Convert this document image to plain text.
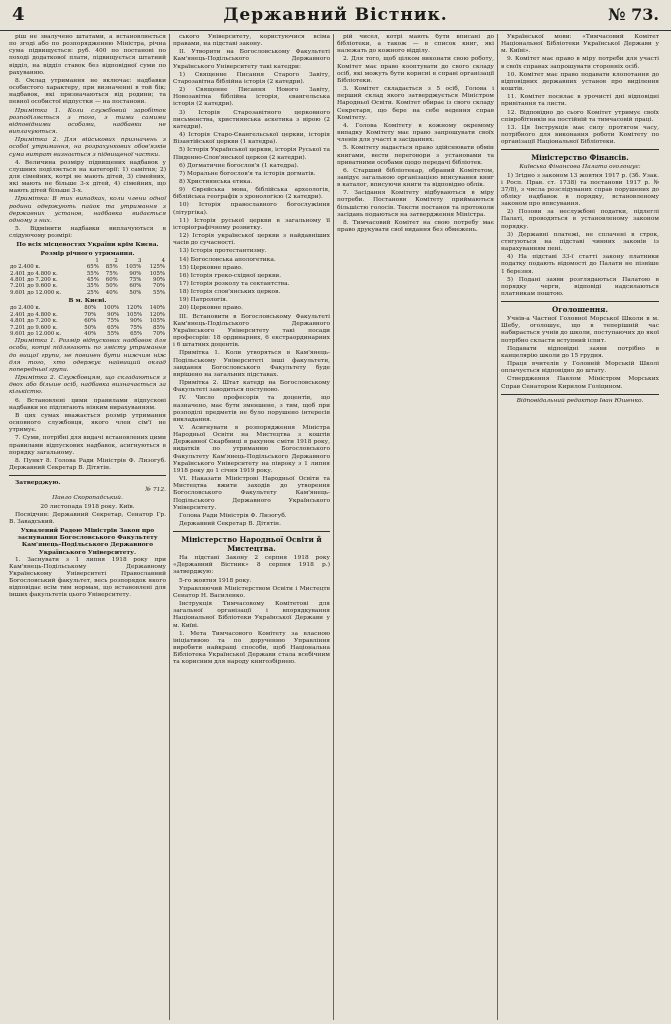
4	Державний Вістник.	№ 73.

ріш не звалучено штатами, а встановлюється по згоді або по розпорядженню Міністра, річна сума підвищується: руб. 400 по постанові по поході додаткової плати, підвищується штатний відділ, на відділ ставок без відповідної суми по рахуванню.

8. Оклад утримання не включає: надбавки особистого характеру, при визначенні в той бік; надбавок, які призначаються від родини; та певної особистої відпустки — на постанови.

Примітка 1. Коли службовий заробіток розподіляється з того, з тими самими відповідними особами, надбавки не виплачуються.

Примітка 2. Для військових призначень з особої утримання, на розрахункових обов'язків сума витрат визнається з підвищеної частки.

4. Величина розміру підвищених надбавок у слушних поділяється на категорії: 1) самітня; 2) для сімейних, котрі не мають дітей, 3) сімейних, які мають не більше 3-х дітей, 4) сімейних, що мають дітей більше 3-х.

Примітка: В тих випадках, коли члени одної родини одержують пайок та утримання з державних установ, надбавка видається одному з них.

5. Відмінити надбавки виплачуються в слідуючому розмірі:

По всіх місцевостях України крім Києва.

Розмір річного утримання.

	1	2	3	4
до 2.400 к.	65%	85%	105%	125%
2.401 до 4.800 к.	55%	75%	90%	105%
4.801 до 7.200 к.	45%	60%	75%	90%
7.201 до 9.600 к.	35%	50%	60%	70%
9.601 до 12.000 к.	25%	40%	50%	55%

В м. Києві.

до 2.400 к.	80%	100%	120%	140%
2.401 до 4.800 к.	70%	90%	105%	120%
4.801 до 7.200 к.	60%	75%	90%	105%
7.201 до 9.600 к.	50%	65%	75%	85%
9.601 до 12.000 к.	40%	55%	65%	70%

Примітка 1. Розмір відпускових надбавок для особи, котрі підлягають по змісту утримання до вищої групи, не повинен бути нижчим ніж для того, хто одержує найвищий оклад попередньої групи.

Примітка 2. Службовцям, що складаються з двох або більше осіб, надбавка визначається за кількістю.

6. Встановлені цими правилами відпускові надбавки не підлягають ніяким вирахуванням.

В цих сумах вважається розмір утримання основного службовця, якого член сім'ї не утримує.

7. Суми, потрібні для видачі встановлених цими правилами відпускових надбавок, асигнуються в порядку загальному.

8. Пункт 8. Голова Ради Міністрів Ф. Лизогуб. Державний Секретар В. Дітятін.

Затверджую.

№ 712.

Павло Скоропадський.

20 листопада 1918 року. Київ.

Посвідчив: Державний Секретар, Сенатор Гр. В. Завадський.

Ухвалений Радою Міністрів Закон про заснування Богословського Факультету Кам'янець-Подільського Державного Українського Університету.

1. Заснувати з 1 липня 1918 року при Кам'янець-Подільському Державному Українському Університеті Православний Богословський факультет, весь розпорядок якого відповідає всім тим нормам, що встановлені для інших факультетів цього Університету.

ського Університету, користуючися всіма правами, на підставі закону.

II. Утворити на Богословському Факультеті Кам'янець-Подільського Державного Українського Університету такі катедри:

1) Священне Писання Старого Завіту, Старозавітна біблійна історія (2 катедри).

2) Священне Писання Нового Завіту, Новозавітна біблійна історія, євангельська історія (2 катедри).

3) Історія Старозавітного церковного письменства, християнська аскетика з вірою (2 катедри).

4) Історія Старо-Євангельської церкви, історія Візантійської церкви (1 катедра).

5) Історія Української церкви, історія Руської та Південно-Слов'янської церков (2 катедри).

6) Догматичне богослов'я (1 катедра).

7) Моральне богослов'я та історія догматів.

8) Християнська етика.

9) Єврейська мова, біблійська археологія, біблійська географія з хронологією (2 катедри).

10) Історія православного богослужіння (літургіка).

11) Історія руської церкви в загальному її історіографічному розвитку.

12) Історія української церкви з найдавніших часів до сучасності.

13) Історія протестантизму.

14) Богословська апологетика.

15) Церковне право.

16) Історія греко-східної церкви.

17) Історія розколу та сектантства.

18) Історія слов'янських церков.

19) Патрологія.

20) Церковне право.

III. Встановити в Богословському Факультеті Кам'янець-Подільського Державного Українського Університету такі посади професорів: 18 ординарних, 6 екстраординарних і 6 штатних доцентів.

Примітка 1. Коли утворяться в Кам'янець-Подільському Університеті інші факультети, завдання Богословського Факультету буде вирішено на загальних підставах.

Примітка 2. Штат катедр на Богословському Факультеті заводиться поступово.

IV. Число професорів та доцентів, що назначено, має бути зменшене, з тим, щоб при розподілі предметів не було порушено інтересів викладання.

V. Асигнувати в розпорядження Міністра Народньої Освіти на Мистецтва з коштів Державної Скарбниці в рахунок сміти 1918 року, видатків по утриманню Богословського Факультету Кам'янець-Подільського Державного Українського Університету на півроку з 1 липня 1918 року до 1 січня 1919 року.

VI. Наказати Міністрові Народньої Освіти та Мистецтва вжити заходів до утворення Богословського Факультету Кам'янець-Подільського Державного Українського Університету.

Голова Ради Міністрів Ф. Лизогуб.

Державний Секретар В. Дітятін.

Міністерство Народньої Освіти й Мистецтва.

На підставі Закону 2 серпня 1918 року «Державний Вістник» 8 серпня 1918 р.) затверджую:

5-го жовтня 1918 року.

Управляючий Міністерством Освіти і Мистецтв Сенатор Н. Василенко.

Інструкція Тимчасовому Комітетові для загальної організації і впорядкування Національної Бібліотеки Української Держави у м. Київі.

1. Мета Тимчасового Комітету за власною ініціативою та по дорученню Управління виробити найкращі способи, щоб Національна Бібліотека Української Держави стала всебічним та корисним для народу книгозбірнею.

рій чисел, котрі мають бути вписані до бібліотеки, а також — в список книг, які належать до кожного відділу.

2. Для того, щоб цілком виконати свою роботу, Комітет має право кооптувати до свого складу осіб, які можуть бути корисні в справі організації Бібліотеки.

3. Комітет складається з 5 осіб, Голова і перший склад якого затверджується Міністром Народньої Освіти. Комітет обирає із свого складу Секретаря, що бере на себе ведення справ Комітету.

4. Голова Комітету в кожному окремому випадку Комітету має право запрошувати своїх членів для участі в засіданнях.

5. Комітету надається право здійснювати обмін книгами, вести переговори з установами та приватними особами щодо передачі бібліотек.

6. Старший бібліотекар, обраний Комітетом, завідує загальною організацією вписування книг в каталог, вписуючи книги та відповідно облік.

7. Засідання Комітету відбуваються в міру потреби. Постанови Комітету приймаються більшістю голосів. Тексти постанов та протоколи засідань подаються на затвердження Міністра.

8. Тимчасовий Комітет на свою потребу має право друкувати свої видання без обмежень.

Української мови: «Тимчасовий Комітет Національної Бібліотеки Української Держави у м. Київі».

9. Комітет має право в міру потреби для участі в своїх справах запрошувати сторонніх осіб.

10. Комітет має право подавати клопотання до відповідних державних установ про виділення коштів.

11. Комітет посилає в урочисті дні відповідні привітання та листи.

12. Відповідно до сього Комітет утримує своїх співробітників на постійній та тимчасовій праці.

13. Ця Інструкція має силу протягом часу, потрібного для виконання роботи Комітету по організації Національної Бібліотеки.

Міністерство Фінансів.

Київська Фінансова Палата оголошує:

1) Згідно з законом 13 жовтня 1917 р. (Зб. Узак. і Росп. Прав. ст. 1738) та постанови 1917 р. № 37/8), з числа розслідуваних справ порушених до обліку надбавок в порядку, встановленому законом про вписування.

2) Позови за неслужбові податки, підлеглі Палаті, проводяться в установленому законом порядку.

3) Державні платежі, не сплачені в строк, стягуються на підставі чинних законів із нарахуванням пені.

4) На підставі 33-ї статті закону платники податку подають відомості до Палати не пізніше 1 березня.

5) Подані заяви розглядаються Палатою в порядку черги, відповіді надсилаються платникам поштою.

Оголошення.

Учнів-а Частної Головної Морської Школи в м. Шебу, оголошує, що в теперішній час набирається учнів до школи, поступаючих до якої потрібно скласти вступний іспит.

Подавати відповідні заяви потрібно в канцелярію школи до 15 грудня.

Праця вчителів у Головній Морській Школі оплачується відповідно до штату.

Ствердження Павлом Міністром Морських Справ Сенатором Кирилом Голіцином.

Відповідальний редактор Іван Юшенко.
